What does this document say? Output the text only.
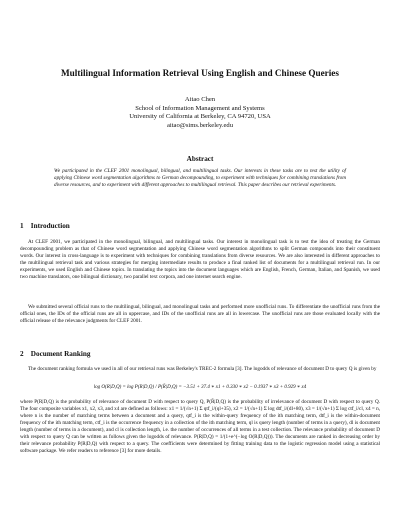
Multilingual Information Retrieval Using English and Chinese Queries
Aitao Chen
School of Information Management and Systems
University of California at Berkeley, CA 94720, USA
aitao@sims.berkeley.edu
Abstract
We participated in the CLEF 2001 monolingual, bilingual, and multilingual tasks. Our interests in these tasks are to test the utility of applying Chinese word segmentation algorithms to German decompounding, to experiment with techniques for combining translations from diverse resources, and to experiment with different approaches to multilingual retrieval. This paper describes our retrieval experiments.
1 Introduction
At CLEF 2001, we participated in the monolingual, bilingual, and multilingual tasks. Our interest in monolingual task is to test the idea of treating the German decompounding problem as that of Chinese word segmentation and applying Chinese word segmentation algorithms to split German compounds into their constituent words. Our interest in cross-language is to experiment with techniques for combining translations from diverse resources. We are also interested in different approaches to the multilingual retrieval task and various strategies for merging intermediate results to produce a final ranked list of documents for a multilingual retrieval run. In our experiments, we used English and Chinese topics. In translating the topics into the document languages which are English, French, German, Italian, and Spanish, we used two machine translators, one bilingual dictionary, two parallel text corpora, and one internet search engine.
We submitted several official runs to the multilingual, bilingual, and monolingual tasks and performed more unofficial runs. To differentiate the unofficial runs from the official ones, the IDs of the official runs are all in uppercase, and IDs of the unofficial runs are all in lowercase. The unofficial runs are those evaluated locally with the official release of the relevance judgments for CLEF 2001.
2 Document Ranking
The document ranking formula we used in all of our retrieval runs was Berkeley's TREC-2 formula [3]. The logodds of relevance of document D to query Q is given by
log O(R|D,Q) = log P(R|D,Q) / P(R̄|D,Q) = −3.51 + 37.4 ∗ x1 + 0.330 ∗ x2 − 0.1937 ∗ x3 + 0.929 ∗ x4
where P(R|D,Q) is the probability of relevance of document D with respect to query Q, P(R̄|D,Q) is the probability of irrelevance of document D with respect to query Q. The four composite variables x1, x2, x3, and x4 are defined as follows: x1 = 1/(√n+1) Σ qtf_i/(ql+35), x2 = 1/(√n+1) Σ log dtf_i/(dl+80), x3 = 1/(√n+1) Σ log ctf_i/cl, x4 = n, where n is the number of matching terms between a document and a query, qtf_i is the within-query frequency of the ith matching term, dtf_i is the within-document frequency of the ith matching term, ctf_i is the occurrence frequency in a collection of the ith matching term, ql is query length (number of terms in a query), dl is document length (number of terms in a document), and cl is collection length, i.e. the number of occurrences of all terms in a test collection. The relevance probability of document D with respect to query Q can be written as follows given the logodds of relevance. P(R|D,Q) = 1/(1+e^(−log O(R|D,Q))). The documents are ranked in decreasing order by their relevance probability P(R|D,Q) with respect to a query. The coefficients were determined by fitting training data to the logistic regression model using a statistical software package. We refer readers to reference [3] for more details.
